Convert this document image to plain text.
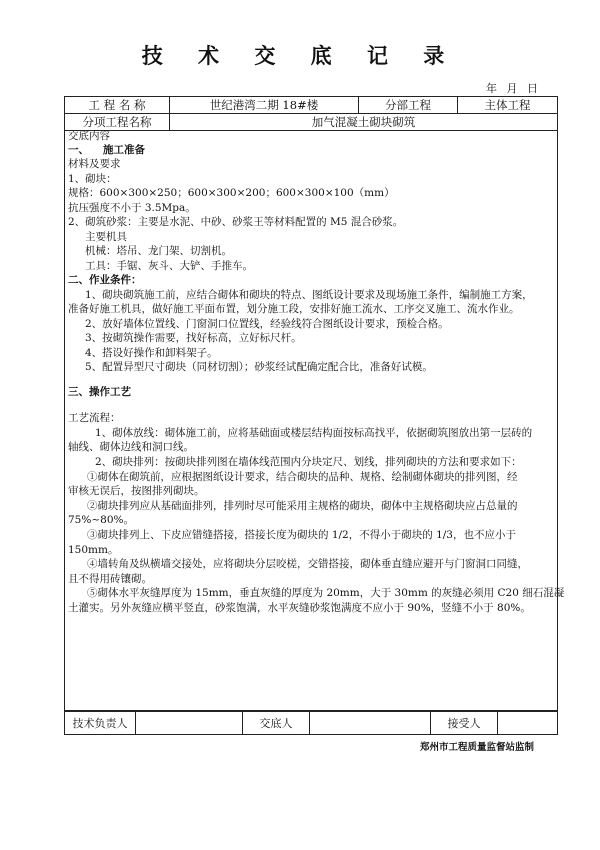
技 术 交 底 记 录
年 月 日
工 程 名 称	世纪港湾二期 18#楼	分部工程	主体工程
分项工程名称	加气混凝土砌块砌筑		
交底内容
一、 施工准备
材料及要求
1、砌块：
规格：600×300×250；600×300×200；600×300×100（mm）
抗压强度不小于 3.5Mpa。
2、砌筑砂浆：主要是水泥、中砂、砂浆王等材料配置的 M5 混合砂浆。
主要机具
机械：塔吊、龙门架、切割机。
工具：手锯、灰斗、大铲、手推车。
二、作业条件：
1、砌块砌筑施工前，应结合砌体和砌块的特点、图纸设计要求及现场施工条件，编制施工方案，
准备好施工机具，做好施工平面布置，划分施工段，安排好施工流水、工序交叉施工、流水作业。
2、放好墙体位置线、门窗洞口位置线，经验线符合图纸设计要求，预检合格。
3、按砌筑操作需要，找好标高，立好标尺杆。
4、搭设好操作和卸料架子。
5、配置异型尺寸砌块（同材切割）；砂浆经试配确定配合比，准备好试模。
三、操作工艺
工艺流程：
1、砌体放线：砌体施工前，应将基础面或楼层结构面按标高找平，依据砌筑图放出第一层砖的
轴线、砌体边线和洞口线。
2、砌块排列：按砌块排列图在墙体线范围内分块定尺、划线，排列砌块的方法和要求如下：
①砌体在砌筑前，应根据图纸设计要求，结合砌块的品种、规格、绘制砌体砌块的排列图，经
审核无误后，按图排列砌块。
②砌块排列应从基础面排列，排列时尽可能采用主规格的砌块，砌体中主规格砌块应占总量的
75%~80%。
③砌块排列上、下皮应错缝搭接，搭接长度为砌块的 1/2，不得小于砌块的 1/3，也不应小于
150mm。
④墙转角及纵横墙交接处，应将砌块分层咬槎，交错搭接，砌体垂直缝应避开与门窗洞口同缝，
且不得用砖镶砌。
⑤砌体水平灰缝厚度为 15mm，垂直灰缝的厚度为 20mm，大于 30mm 的灰缝必须用 C20 细石混凝
土灌实。另外灰缝应横平竖直，砂浆饱满，水平灰缝砂浆饱满度不应小于 90%，竖缝不小于 80%。
技术负责人		交底人		接受人	
郑州市工程质量监督站监制
